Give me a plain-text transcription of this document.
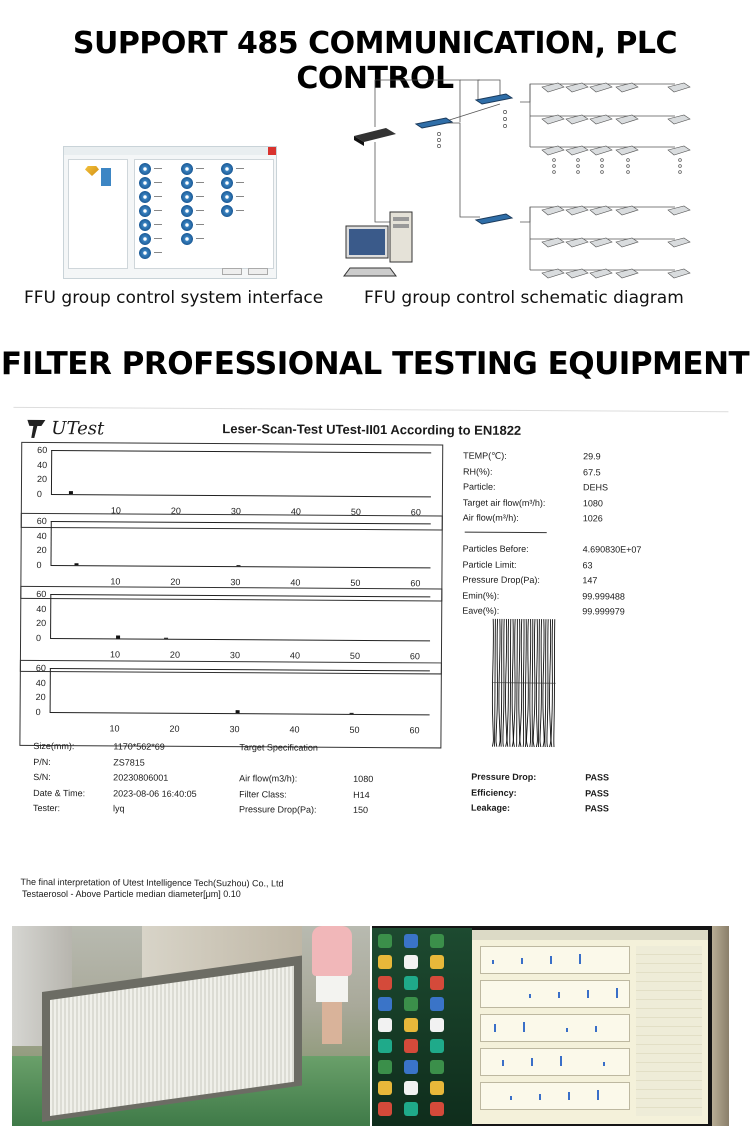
SUPPORT 485 COMMUNICATION, PLC CONTROL
FFU group control system interface FFU group control schematic diagram
FILTER PROFESSIONAL TESTING EQUIPMENT
UTest	Leser-Scan-Test UTest-II01 According to EN1822
60
40
20
0
10	20	30	40	50	60
60
40
20
0
10	20	30	40	50	60
60
40
20
0
10	20	30	40	50	60
60
40
20
0
10	20	30	40	50	60
TEMP(℃):	29.9
RH(%):	67.5
Particle:	DEHS
Target air flow(m³/h):	1080
Air flow(m³/h):	1026
Particles Before:	4.690830E+07
Particle Limit:	63
Pressure Drop(Pa):	147
Emin(%):	99.999488
Eave(%):	99.999979
Size(mm):	1170*562*69	Target Specification
P/N:	ZS7815
S/N:	20230806001	Air flow(m3/h):	1080
Date & Time:	2023-08-06 16:40:05	Filter Class:	H14
Tester:	lyq	Pressure Drop(Pa):	150
Pressure Drop:	PASS
Efficiency:	PASS
Leakage:	PASS
The final interpretation of Utest Intelligence Tech(Suzhou) Co., Ltd
Testaerosol - Above Particle median diameter[μm] 0.10
